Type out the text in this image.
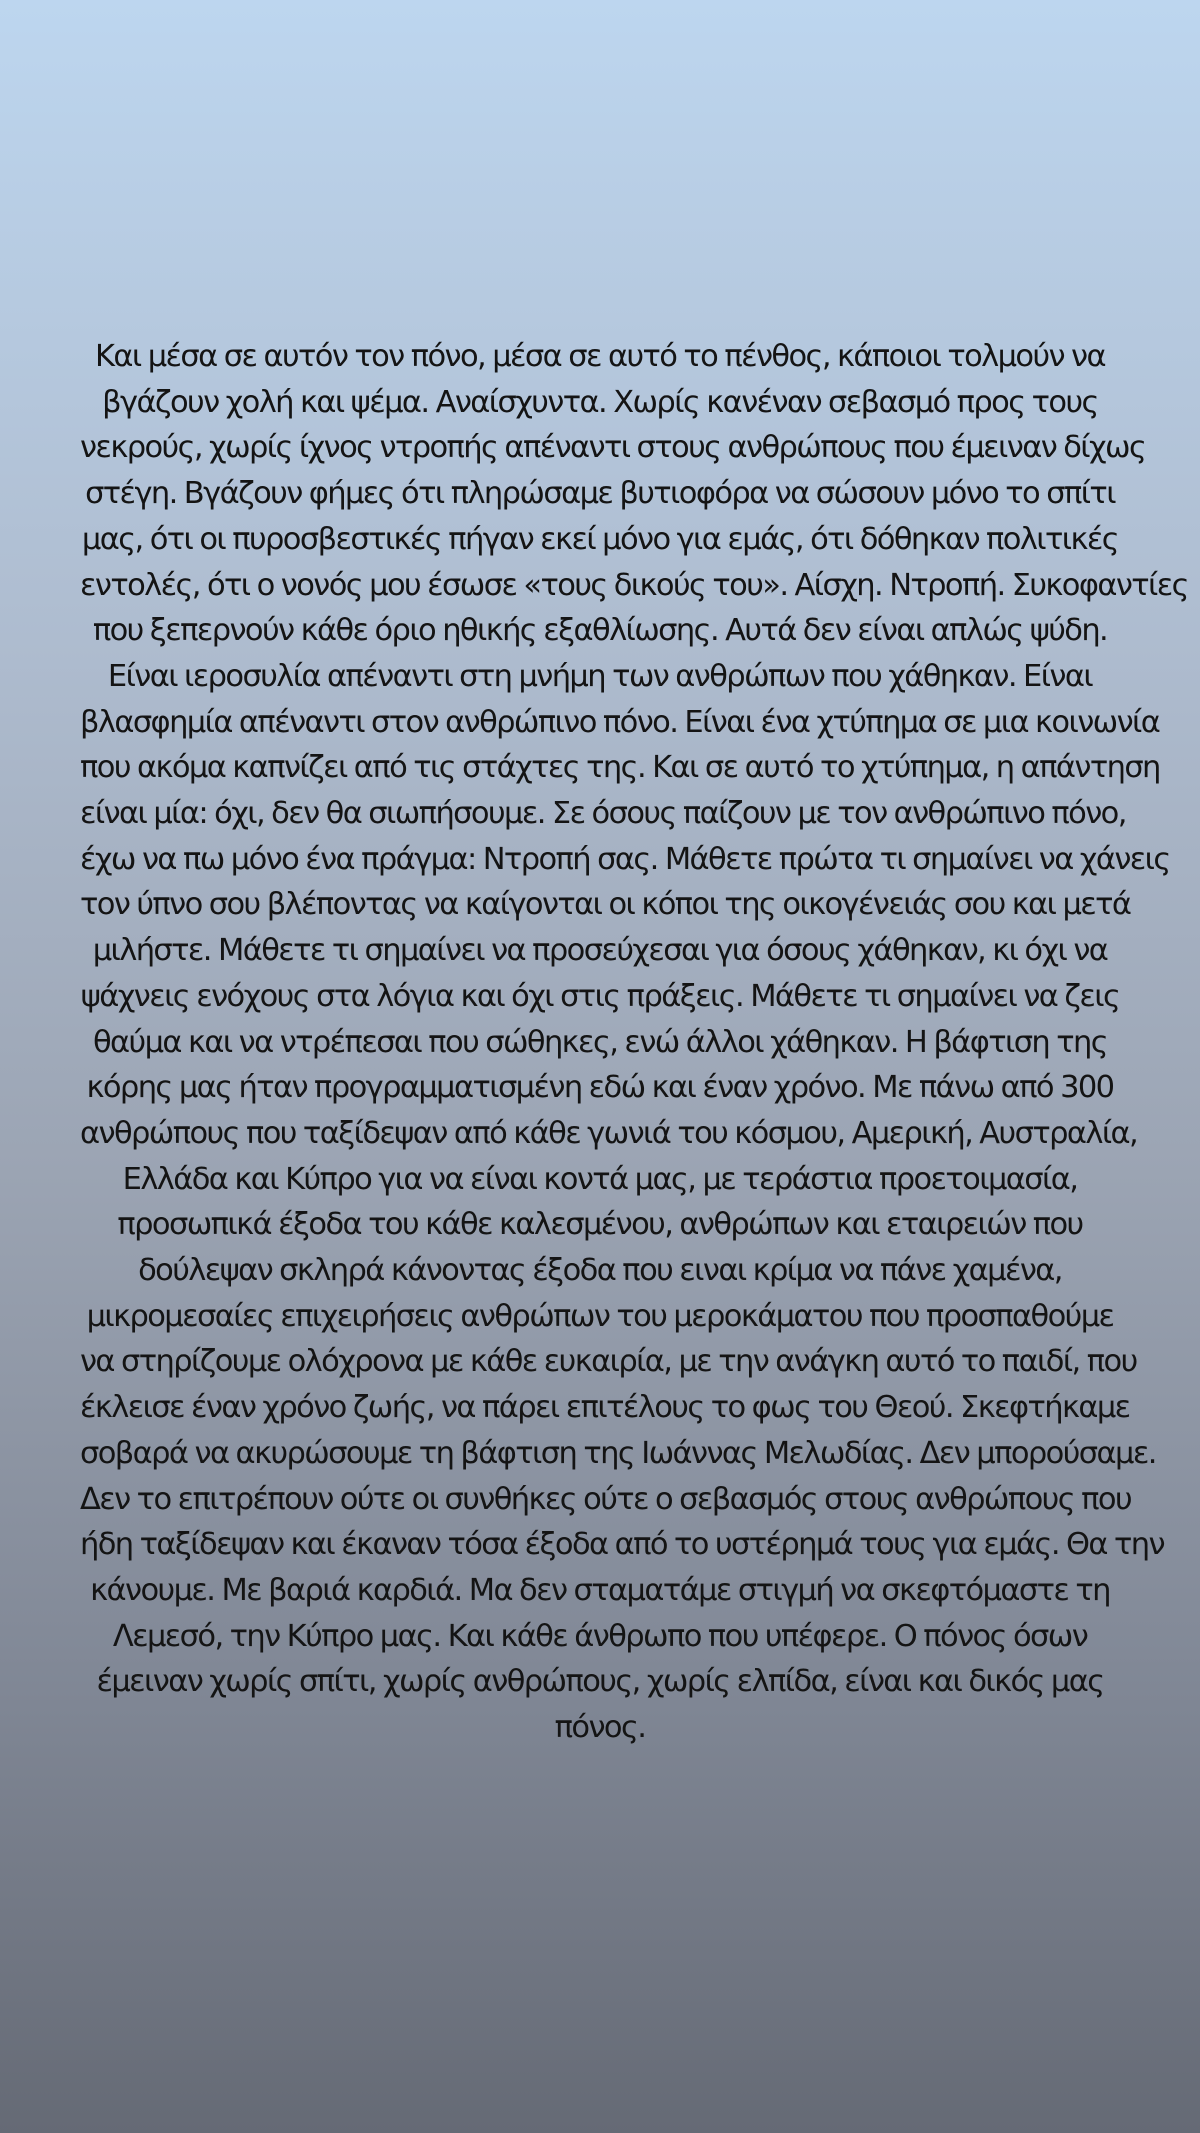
Και μέσα σε αυτόν τον πόνο, μέσα σε αυτό το πένθος, κάποιοι τολμούν να
βγάζουν χολή και ψέμα. Αναίσχυντα. Χωρίς κανέναν σεβασμό προς τους
νεκρούς, χωρίς ίχνος ντροπής απέναντι στους ανθρώπους που έμειναν δίχως
στέγη. Βγάζουν φήμες ότι πληρώσαμε βυτιοφόρα να σώσουν μόνο το σπίτι
μας, ότι οι πυροσβεστικές πήγαν εκεί μόνο για εμάς, ότι δόθηκαν πολιτικές
εντολές, ότι ο νονός μου έσωσε «τους δικούς του». Αίσχη. Ντροπή. Συκοφαντίες
που ξεπερνούν κάθε όριο ηθικής εξαθλίωσης. Αυτά δεν είναι απλώς ψύδη.
Είναι ιεροσυλία απέναντι στη μνήμη των ανθρώπων που χάθηκαν. Είναι
βλασφημία απέναντι στον ανθρώπινο πόνο. Είναι ένα χτύπημα σε μια κοινωνία
που ακόμα καπνίζει από τις στάχτες της. Και σε αυτό το χτύπημα, η απάντηση
είναι μία: όχι, δεν θα σιωπήσουμε. Σε όσους παίζουν με τον ανθρώπινο πόνο,
έχω να πω μόνο ένα πράγμα: Ντροπή σας. Μάθετε πρώτα τι σημαίνει να χάνεις
τον ύπνο σου βλέποντας να καίγονται οι κόποι της οικογένειάς σου και μετά
μιλήστε. Μάθετε τι σημαίνει να προσεύχεσαι για όσους χάθηκαν, κι όχι να
ψάχνεις ενόχους στα λόγια και όχι στις πράξεις. Μάθετε τι σημαίνει να ζεις
θαύμα και να ντρέπεσαι που σώθηκες, ενώ άλλοι χάθηκαν. Η βάφτιση της
κόρης μας ήταν προγραμματισμένη εδώ και έναν χρόνο. Με πάνω από 300
ανθρώπους που ταξίδεψαν από κάθε γωνιά του κόσμου, Αμερική, Αυστραλία,
Ελλάδα και Κύπρο για να είναι κοντά μας, με τεράστια προετοιμασία,
προσωπικά έξοδα του κάθε καλεσμένου, ανθρώπων και εταιρειών που
δούλεψαν σκληρά κάνοντας έξοδα που ειναι κρίμα να πάνε χαμένα,
μικρομεσαίες επιχειρήσεις ανθρώπων του μεροκάματου που προσπαθούμε
να στηρίζουμε ολόχρονα με κάθε ευκαιρία, με την ανάγκη αυτό το παιδί, που
έκλεισε έναν χρόνο ζωής, να πάρει επιτέλους το φως του Θεού. Σκεφτήκαμε
σοβαρά να ακυρώσουμε τη βάφτιση της Ιωάννας Μελωδίας. Δεν μπορούσαμε.
Δεν το επιτρέπουν ούτε οι συνθήκες ούτε ο σεβασμός στους ανθρώπους που
ήδη ταξίδεψαν και έκαναν τόσα έξοδα από το υστέρημά τους για εμάς. Θα την
κάνουμε. Με βαριά καρδιά. Μα δεν σταματάμε στιγμή να σκεφτόμαστε τη
Λεμεσό, την Κύπρο μας. Και κάθε άνθρωπο που υπέφερε. Ο πόνος όσων
έμειναν χωρίς σπίτι, χωρίς ανθρώπους, χωρίς ελπίδα, είναι και δικός μας
πόνος.
